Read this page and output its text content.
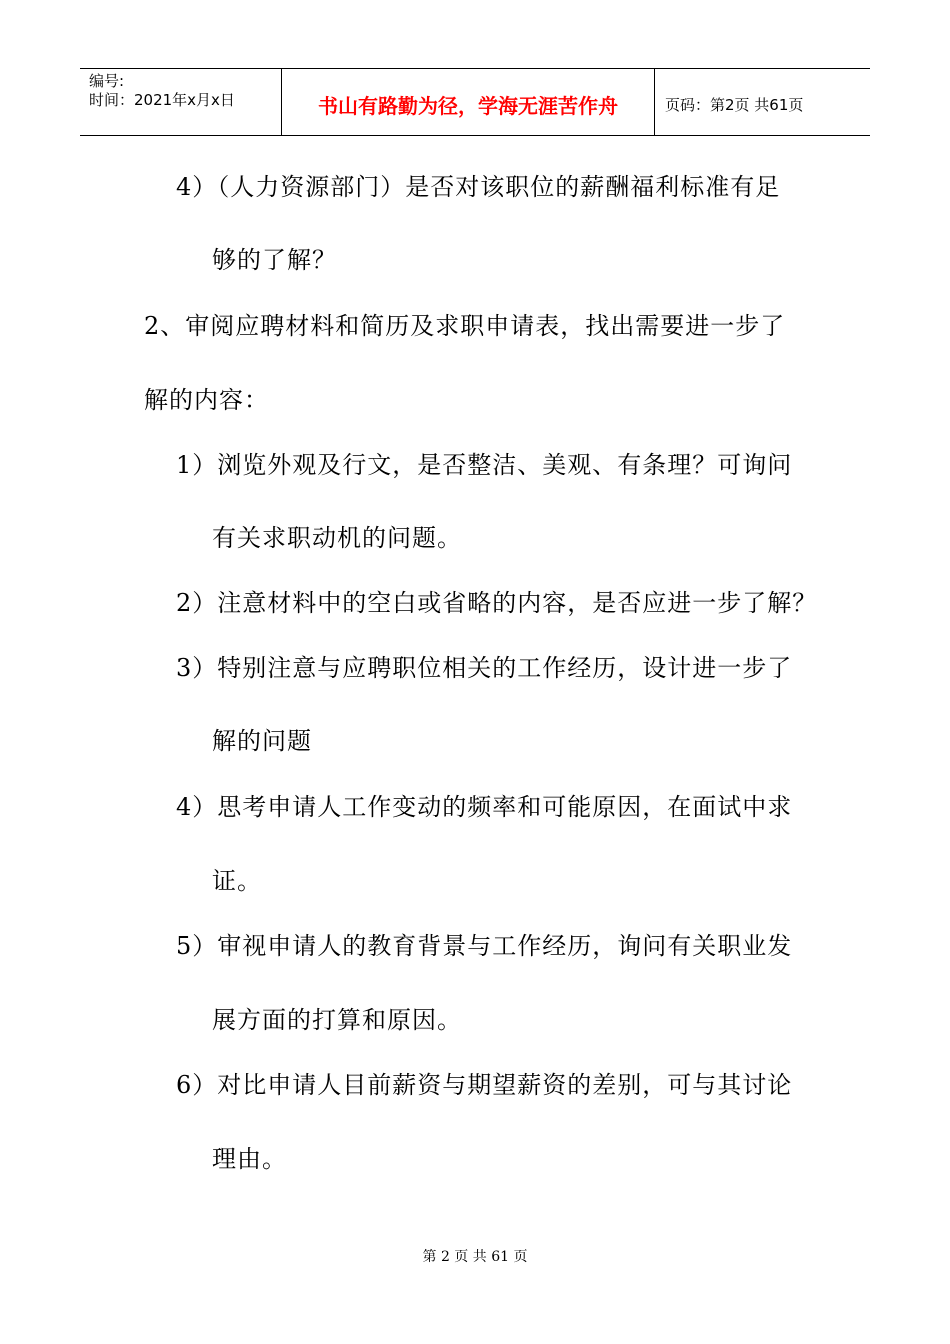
编号:
时间：2021年x月x日	书山有路勤为径，学海无涯苦作舟	页码：第2页 共61页
4）（人力资源部门）是否对该职位的薪酬福利标准有足
够的了解？
2、审阅应聘材料和简历及求职申请表，找出需要进一步了
解的内容：
1）浏览外观及行文，是否整洁、美观、有条理？可询问
有关求职动机的问题。
2）注意材料中的空白或省略的内容，是否应进一步了解？
3）特别注意与应聘职位相关的工作经历，设计进一步了
解的问题
4）思考申请人工作变动的频率和可能原因，在面试中求
证。
5）审视申请人的教育背景与工作经历，询问有关职业发
展方面的打算和原因。
6）对比申请人目前薪资与期望薪资的差别，可与其讨论
理由。
第 2 页 共 61 页
